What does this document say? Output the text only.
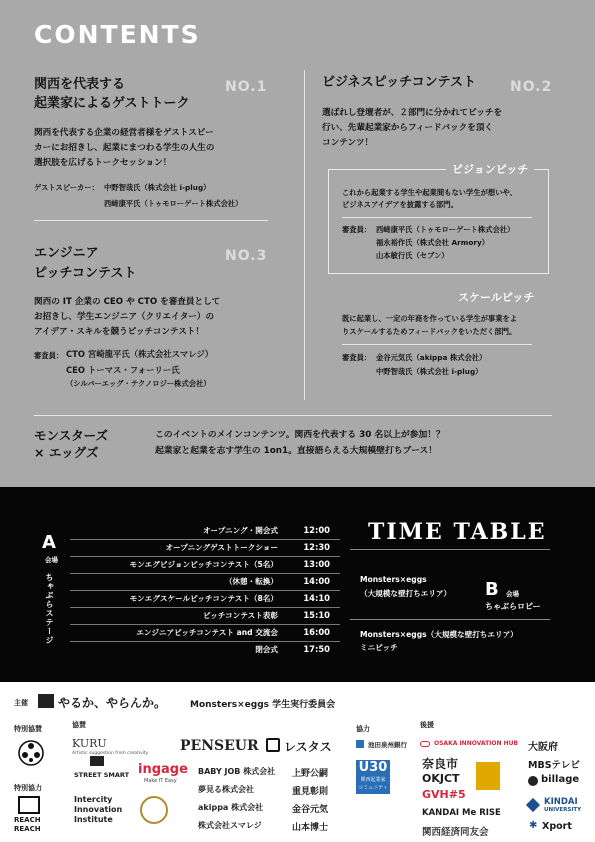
CONTENTS
関西を代表する
起業家によるゲストトーク
NO.1
関西を代表する企業の経営者様をゲストスピー
カーにお招きし、起業にまつわる学生の人生の
選択肢を広げるトークセッション！
ゲストスピーカー： 中野智哉氏（株式会社 i-plug）
西﨑康平氏（トゥモローゲート株式会社）
エンジニア
ピッチコンテスト
NO.3
関西の IT 企業の CEO や CTO を審査員として
お招きし、学生エンジニア（クリエイター）の
アイデア・スキルを競うピッチコンテスト！
審査員： CTO 宮崎龍平氏（株式会社スマレジ）
CEO トーマス・フォーリー氏
（シルバーエッグ・テクノロジー株式会社）
ビジネスピッチコンテスト NO.2
選ばれし登壇者が、２部門に分かれてピッチを
行い、先輩起業家からフィードバックを頂く
コンテンツ！
ビジョンピッチ
これから起業する学生や起業間もない学生が想いや、
ビジネスアイデアを披露する部門。
審査員： 西﨑康平氏（トゥモローゲート株式会社）
福永裕作氏（株式会社 Armory）
山本敏行氏（セブン）
スケールピッチ
既に起業し、一定の年商を作っている学生が事業をよ
りスケールするためフィードバックをいただく部門。
審査員： 金谷元気氏（akippa 株式会社）
中野智哉氏（株式会社 i-plug）
モンスターズ
× エッグズ
このイベントのメインコンテンツ。関西を代表する 30 名以上が参加！？
起業家と起業を志す学生の 1on1。直接語らえる大規模壁打ちブース！
TIME TABLE
A
会場
ちゃぶらステージ
オープニング・開会式	12:00
オープニングゲストトークショー	12:30
モンエグビジョンピッチコンテスト（5名）	13:00
（休憩・転換）	14:00
モンエグスケールピッチコンテスト（8名）	14:10
ピッチコンテスト表彰	15:10
エンジニアピッチコンテスト and 交流会	16:00
閉会式	17:50
Monsters×eggs
（大規模な壁打ちエリア） B 会場
ちゃぶらロビー
Monsters×eggs（大規模な壁打ちエリア）
ミニピッチ
主催	やるか、やらんか。	Monsters×eggs 学生実行委員会
特別協賛
特別協力
REACH
REACH
協賛
KURU
Artistic suggestion from creativity PENSEUR レスタス
STREET SMART ingage
Make IT Easy
BABY JOB 株式会社
夢見る株式会社
akippa 株式会社
株式会社スマレジ
Intercity
Innovation
Institute
上野公嗣
重見彰則
金谷元気
山本博士
協力
池田泉州銀行
U30
関西起業家
コミュニティ
後援
OSAKA INNOVATION HUB
奈良市
OKJCT
GVH#5
KANDAI Me RISE
関西経済同友会
大阪府
MBSテレビ
billage
KINDAI
UNIVERSITY
✱ Xport
